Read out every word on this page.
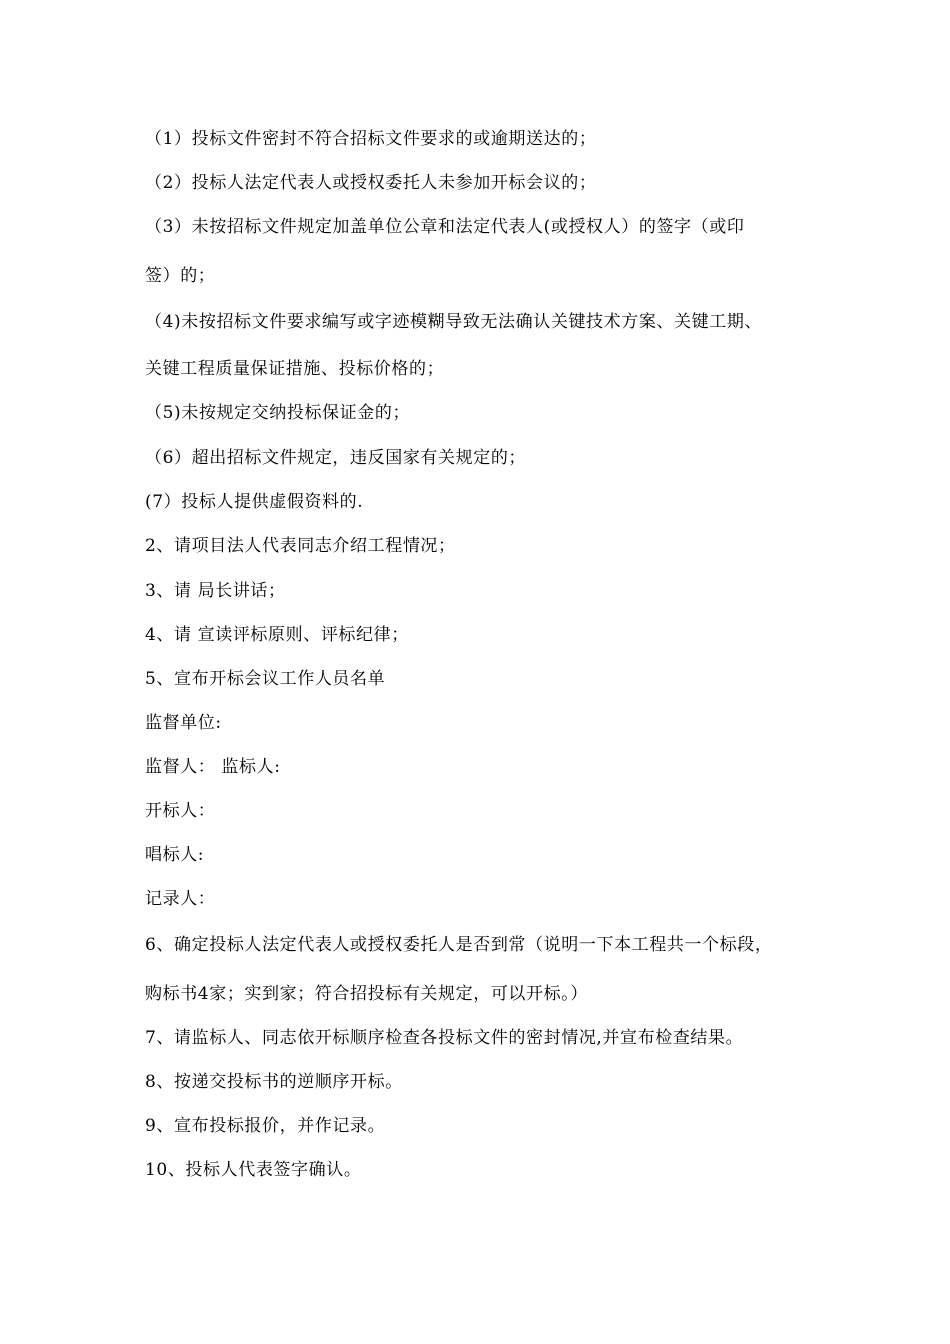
（1）投标文件密封不符合招标文件要求的或逾期送达的；
（2）投标人法定代表人或授权委托人未参加开标会议的；
（3）未按招标文件规定加盖单位公章和法定代表人(或授权人）的签字（或印
签）的；
（4)未按招标文件要求编写或字迹模糊导致无法确认关键技术方案、关键工期、
关键工程质量保证措施、投标价格的；
（5)未按规定交纳投标保证金的；
（6）超出招标文件规定，违反国家有关规定的；
(7）投标人提供虚假资料的.
2、请项目法人代表同志介绍工程情况；
3、请 局长讲话；
4、请 宣读评标原则、评标纪律；
5、宣布开标会议工作人员名单
监督单位:
监督人： 监标人:
开标人：
唱标人:
记录人：
6、确定投标人法定代表人或授权委托人是否到常（说明一下本工程共一个标段，
购标书4家；实到家；符合招投标有关规定，可以开标。）
7、请监标人、同志依开标顺序检查各投标文件的密封情况,并宣布检查结果。
8、按递交投标书的逆顺序开标。
9、宣布投标报价，并作记录。
10、投标人代表签字确认。
